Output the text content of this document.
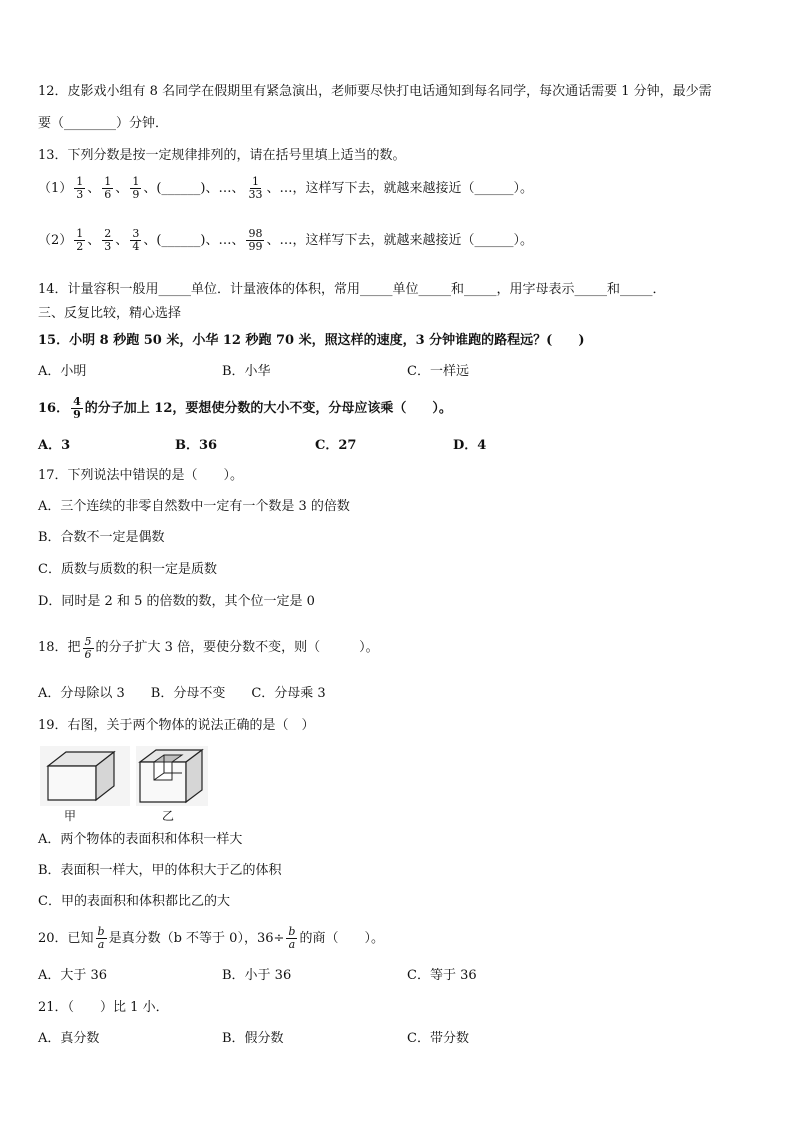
12．皮影戏小组有 8 名同学在假期里有紧急演出，老师要尽快打电话通知到每名同学，每次通话需要 1 分钟，最少需
要（________）分钟．
13．下列分数是按一定规律排列的，请在括号里填上适当的数。
$(1) \frac{1}{3}$ 、 $\frac{1}{6}$ 、 $\frac{1}{9}$ 、(______)、…、 $\frac{1}{33}$ 、…，这样写下去，就越来越接近（______）。
$(2) \frac{1}{2}$ 、 $\frac{2}{3}$ 、 $\frac{3}{4}$ 、(______)、…、 $\frac{98}{99}$ 、…，这样写下去，就越来越接近（______）。
14．计量容积一般用_____单位．计量液体的体积，常用_____单位_____和_____，用字母表示_____和_____．
三、反复比较，精心选择
15．小明 8 秒跑 50 米，小华 12 秒跑 70 米，照这样的速度，3 分钟谁跑的路程远？(　　)
A．小明	B．小华	C．一样远
16． $\frac{4}{9}$ 的分子加上 12，要想使分数的大小不变，分母应该乘（　　）。
A．3	B．36	C．27	D．4
17．下列说法中错误的是（　　）。
A．三个连续的非零自然数中一定有一个数是 3 的倍数
B．合数不一定是偶数
C．质数与质数的积一定是质数
D．同时是 2 和 5 的倍数的数，其个位一定是 0
18．把 $\frac{5}{6}$ 的分子扩大 3 倍，要使分数不变，则（　　　）。
A．分母除以 3　　B．分母不变　　C．分母乘 3
19．右图，关于两个物体的说法正确的是（　）
甲	乙
A．两个物体的表面积和体积一样大
B．表面积一样大，甲的体积大于乙的体积
C．甲的表面积和体积都比乙的大
20．已知 $\frac{b}{a}$ 是真分数（b 不等于 0），$36\div \frac{b}{a}$ 的商（　　）。
A．大于 36	B．小于 36	C．等于 36
21．（　　）比 1 小．
A．真分数	B．假分数	C．带分数
